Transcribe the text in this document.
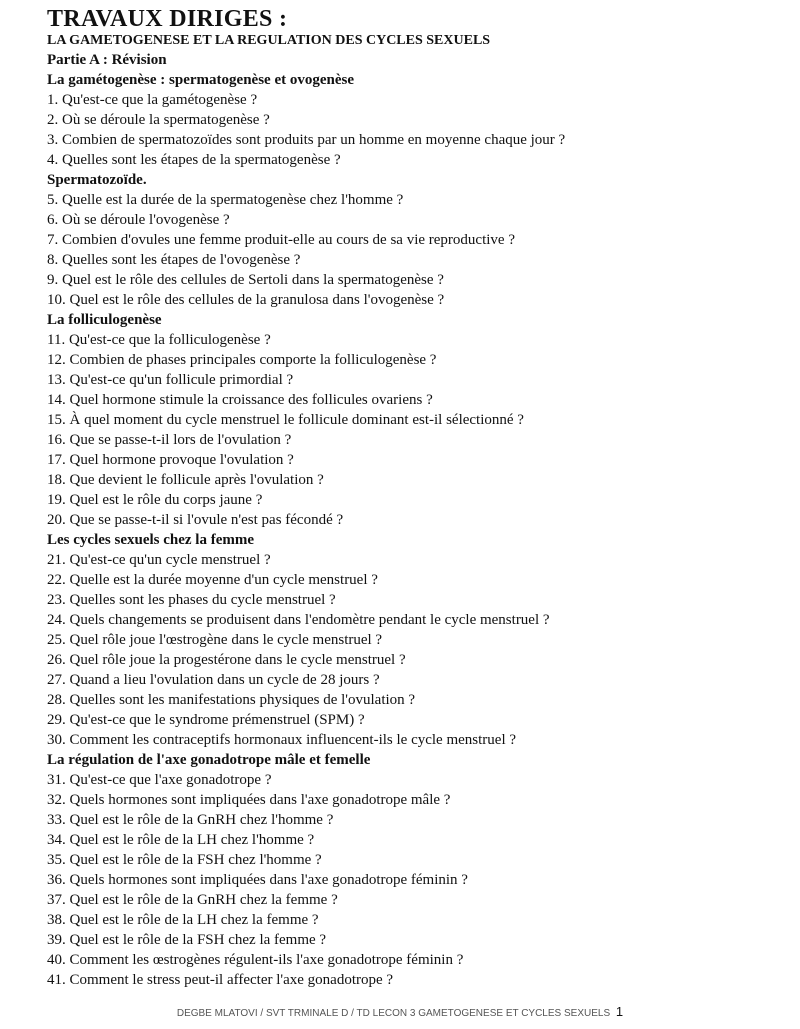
TRAVAUX DIRIGES :
LA GAMETOGENESE ET LA REGULATION DES CYCLES SEXUELS
Partie A : Révision
La gamétogenèse : spermatogenèse et ovogenèse
1. Qu'est-ce que la gamétogenèse ?
2. Où se déroule la spermatogenèse ?
3. Combien de spermatozoïdes sont produits par un homme en moyenne chaque jour ?
4. Quelles sont les étapes de la spermatogenèse ?
Spermatozoïde.
5. Quelle est la durée de la spermatogenèse chez l'homme ?
6. Où se déroule l'ovogenèse ?
7. Combien d'ovules une femme produit-elle au cours de sa vie reproductive ?
8. Quelles sont les étapes de l'ovogenèse ?
9. Quel est le rôle des cellules de Sertoli dans la spermatogenèse ?
10. Quel est le rôle des cellules de la granulosa dans l'ovogenèse ?
La folliculogenèse
11. Qu'est-ce que la folliculogenèse ?
12. Combien de phases principales comporte la folliculogenèse ?
13. Qu'est-ce qu'un follicule primordial ?
14. Quel hormone stimule la croissance des follicules ovariens ?
15. À quel moment du cycle menstruel le follicule dominant est-il sélectionné ?
16. Que se passe-t-il lors de l'ovulation ?
17. Quel hormone provoque l'ovulation ?
18. Que devient le follicule après l'ovulation ?
19. Quel est le rôle du corps jaune ?
20. Que se passe-t-il si l'ovule n'est pas fécondé ?
Les cycles sexuels chez la femme
21. Qu'est-ce qu'un cycle menstruel ?
22. Quelle est la durée moyenne d'un cycle menstruel ?
23. Quelles sont les phases du cycle menstruel ?
24. Quels changements se produisent dans l'endomètre pendant le cycle menstruel ?
25. Quel rôle joue l'œstrogène dans le cycle menstruel ?
26. Quel rôle joue la progestérone dans le cycle menstruel ?
27. Quand a lieu l'ovulation dans un cycle de 28 jours ?
28. Quelles sont les manifestations physiques de l'ovulation ?
29. Qu'est-ce que le syndrome prémenstruel (SPM) ?
30. Comment les contraceptifs hormonaux influencent-ils le cycle menstruel ?
La régulation de l'axe gonadotrope mâle et femelle
31. Qu'est-ce que l'axe gonadotrope ?
32. Quels hormones sont impliquées dans l'axe gonadotrope mâle ?
33. Quel est le rôle de la GnRH chez l'homme ?
34. Quel est le rôle de la LH chez l'homme ?
35. Quel est le rôle de la FSH chez l'homme ?
36. Quels hormones sont impliquées dans l'axe gonadotrope féminin ?
37. Quel est le rôle de la GnRH chez la femme ?
38. Quel est le rôle de la LH chez la femme ?
39. Quel est le rôle de la FSH chez la femme ?
40. Comment les œstrogènes régulent-ils l'axe gonadotrope féminin ?
41. Comment le stress peut-il affecter l'axe gonadotrope ?
DEGBE MLATOVI / SVT TRMINALE D / TD LECON 3 GAMETOGENESE ET CYCLES SEXUELS 1
